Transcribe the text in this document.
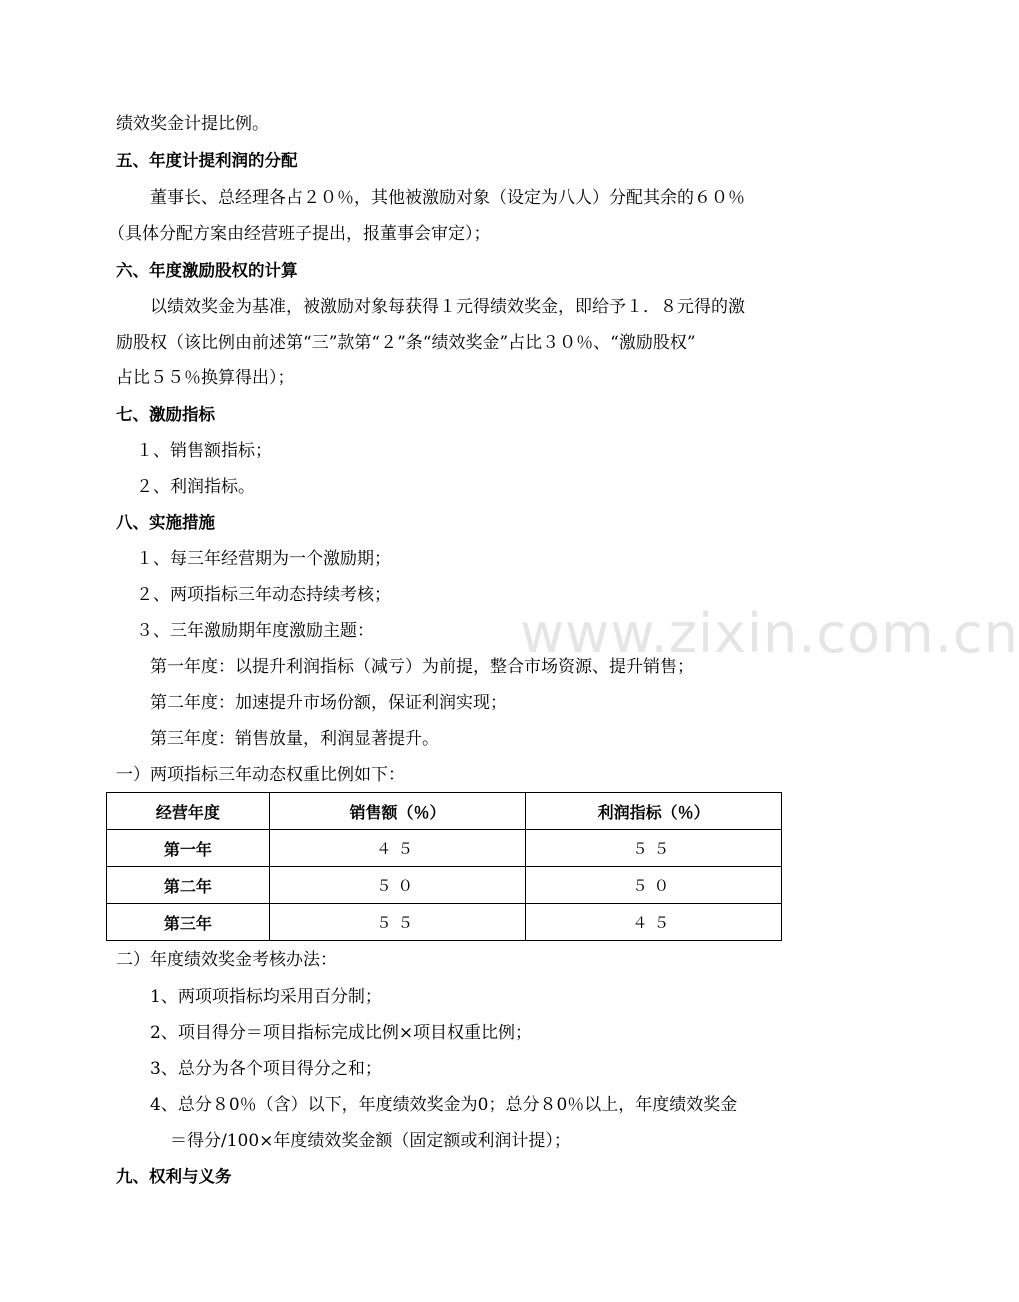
www.zixin.com.cn
绩效奖金计提比例。
五、年度计提利润的分配
董事长、总经理各占２０％，其他被激励对象（设定为八人）分配其余的６０％
（具体分配方案由经营班子提出，报董事会审定）；
六、年度激励股权的计算
以绩效奖金为基准，被激励对象每获得１元得绩效奖金，即给予１．８元得的激
励股权（该比例由前述第“三”款第“２”条“绩效奖金”占比３０％、“激励股权”
占比５５％换算得出）；
七、激励指标
１、销售额指标；
２、利润指标。
八、实施措施
１、每三年经营期为一个激励期；
２、两项指标三年动态持续考核；
３、三年激励期年度激励主题：
第一年度：以提升利润指标（减亏）为前提，整合市场资源、提升销售；
第二年度：加速提升市场份额，保证利润实现；
第三年度：销售放量，利润显著提升。
一）两项指标三年动态权重比例如下：
经营年度	销售额（％）	利润指标（％）
第一年	４５	５５
第二年	５０	５０
第三年	５５	４５
二）年度绩效奖金考核办法：
1、两项项指标均采用百分制；
2、项目得分＝项目指标完成比例×项目权重比例；
3、总分为各个项目得分之和；
4、总分８0％（含）以下，年度绩效奖金为0；总分８0％以上，年度绩效奖金
＝得分/100×年度绩效奖金额（固定额或利润计提）；
九、权利与义务
